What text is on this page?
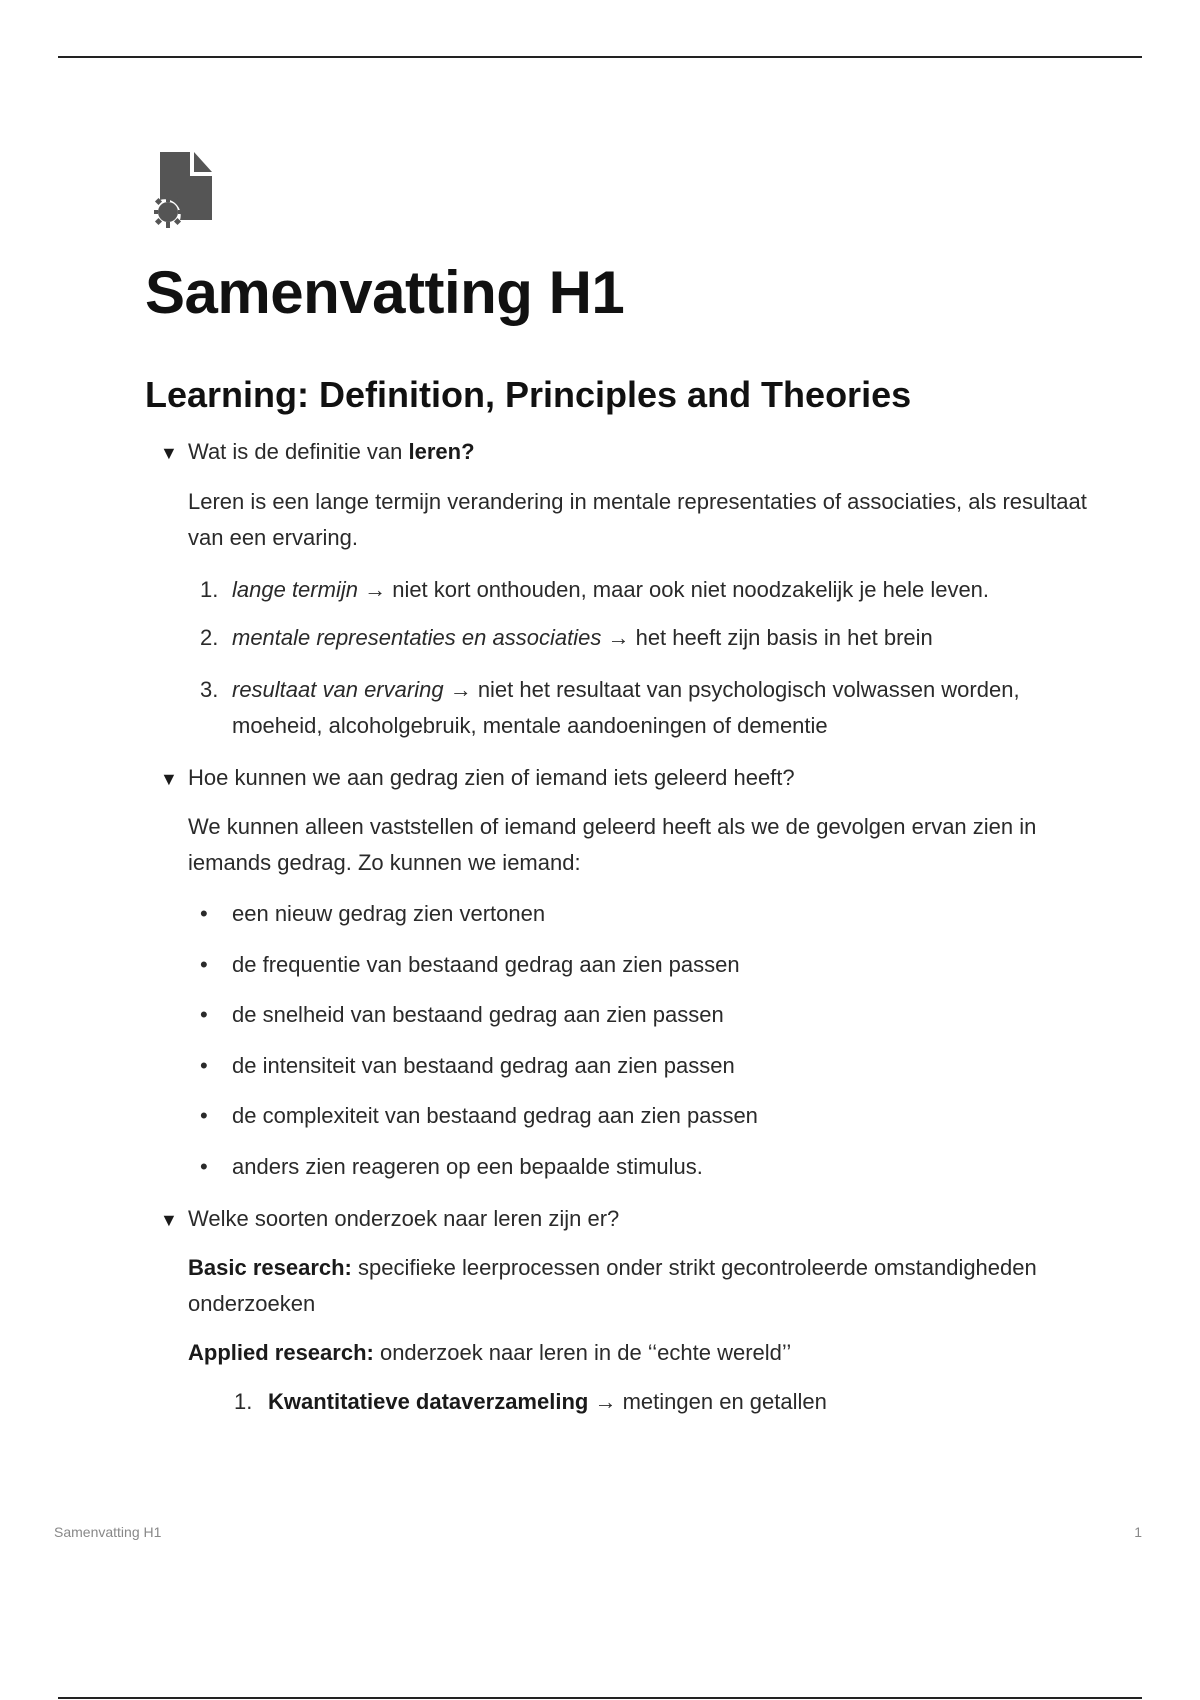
Samenvatting H1
Learning: Definition, Principles and Theories
▼ Wat is de definitie van leren?

Leren is een lange termijn verandering in mentale representaties of associaties, als resultaat van een ervaring.

1. lange termijn → niet kort onthouden, maar ook niet noodzakelijk je hele leven.
2. mentale representaties en associaties → het heeft zijn basis in het brein
3. resultaat van ervaring → niet het resultaat van psychologisch volwassen worden, moeheid, alcoholgebruik, mentale aandoeningen of dementie
▼ Hoe kunnen we aan gedrag zien of iemand iets geleerd heeft?

We kunnen alleen vaststellen of iemand geleerd heeft als we de gevolgen ervan zien in iemands gedrag. Zo kunnen we iemand:

• een nieuw gedrag zien vertonen
• de frequentie van bestaand gedrag aan zien passen
• de snelheid van bestaand gedrag aan zien passen
• de intensiteit van bestaand gedrag aan zien passen
• de complexiteit van bestaand gedrag aan zien passen
• anders zien reageren op een bepaalde stimulus.
▼ Welke soorten onderzoek naar leren zijn er?

Basic research: specifieke leerprocessen onder strikt gecontroleerde omstandigheden onderzoeken

Applied research: onderzoek naar leren in de ‘‘echte wereld’’

1. Kwantitatieve dataverzameling → metingen en getallen
Samenvatting H1	1
